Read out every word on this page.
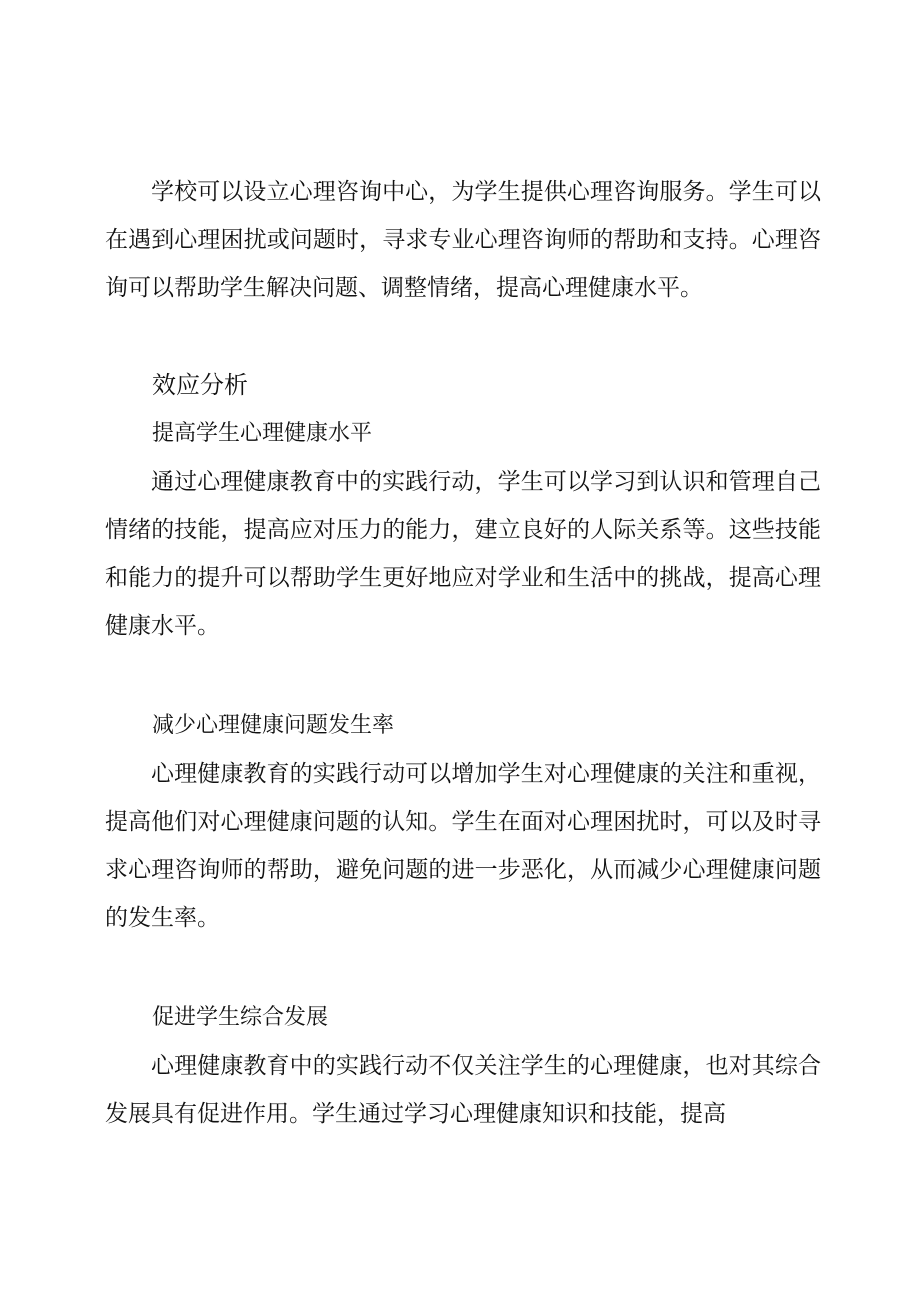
学校可以设立心理咨询中心，为学生提供心理咨询服务。学生可以在遇到心理困扰或问题时，寻求专业心理咨询师的帮助和支持。心理咨询可以帮助学生解决问题、调整情绪，提高心理健康水平。

效应分析
提高学生心理健康水平

通过心理健康教育中的实践行动，学生可以学习到认识和管理自己情绪的技能，提高应对压力的能力，建立良好的人际关系等。这些技能和能力的提升可以帮助学生更好地应对学业和生活中的挑战，提高心理健康水平。

减少心理健康问题发生率

心理健康教育的实践行动可以增加学生对心理健康的关注和重视，提高他们对心理健康问题的认知。学生在面对心理困扰时，可以及时寻求心理咨询师的帮助，避免问题的进一步恶化，从而减少心理健康问题的发生率。

促进学生综合发展

心理健康教育中的实践行动不仅关注学生的心理健康，也对其综合发展具有促进作用。学生通过学习心理健康知识和技能，提高
